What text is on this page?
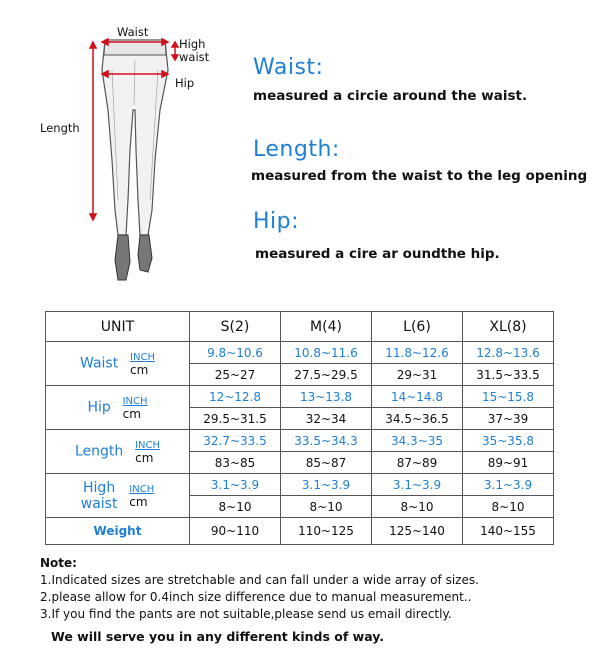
Waist
High waist
Hip
Length
Waist:
measured a circie around the waist.
Length:
measured from the waist to the leg opening
Hip:
measured a cire ar oundthe hip.
UNIT	S(2)	M(4)	L(6)	XL(8)
Waist INCH
cm	9.8~10.6	10.8~11.6	11.8~12.6	12.8~13.6
	25~27	27.5~29.5	29~31	31.5~33.5
Hip INCH
cm	12~12.8	13~13.8	14~14.8	15~15.8
	29.5~31.5	32~34	34.5~36.5	37~39
Length INCH
cm	32.7~33.5	33.5~34.3	34.3~35	35~35.8
	83~85	85~87	87~89	89~91
High
waist
INCH
cm	3.1~3.9	3.1~3.9	3.1~3.9	3.1~3.9
	8~10	8~10	8~10	8~10
Weight	90~110	110~125	125~140	140~155
Note:
1.Indicated sizes are stretchable and can fall under a wide array of sizes.
2.please allow for 0.4inch size difference due to manual measurement..
3.If you find the pants are not suitable,please send us email directly.
We will serve you in any different kinds of way.
